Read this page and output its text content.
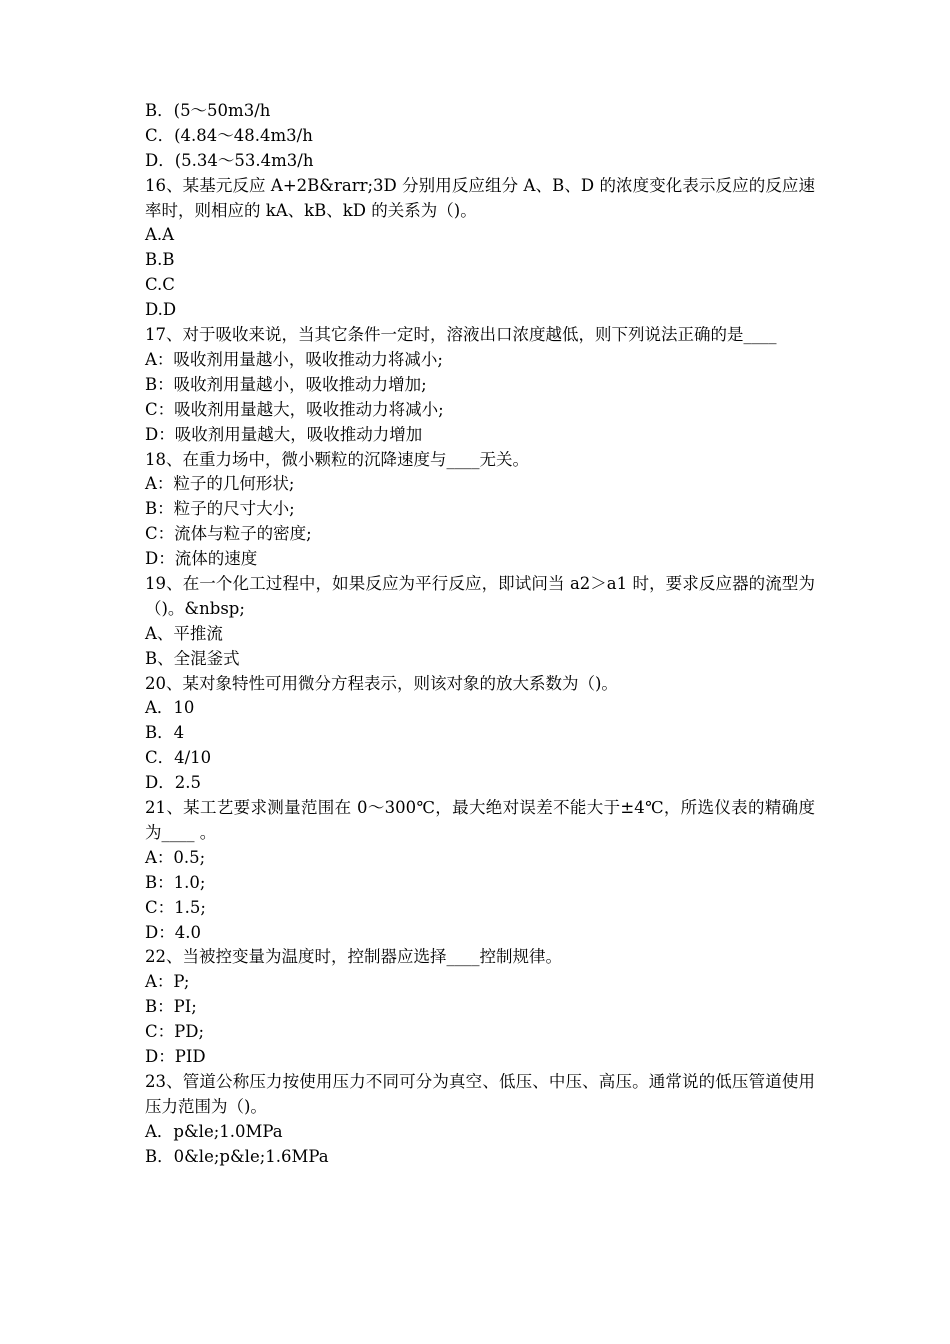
B．(5～50m3/h

C．(4.84～48.4m3/h

D．(5.34～53.4m3/h

16、某基元反应 A+2B&rarr;3D 分别用反应组分 A、B、D 的浓度变化表示反应的反应速率时，则相应的 kA、kB、kD 的关系为（)。

A.A

B.B

C.C

D.D

17、对于吸收来说，当其它条件一定时，溶液出口浓度越低，则下列说法正确的是____

A：吸收剂用量越小，吸收推动力将减小;

B：吸收剂用量越小，吸收推动力增加;

C：吸收剂用量越大，吸收推动力将减小;

D：吸收剂用量越大，吸收推动力增加

18、在重力场中，微小颗粒的沉降速度与____无关。

A：粒子的几何形状;

B：粒子的尺寸大小;

C：流体与粒子的密度;

D：流体的速度

19、在一个化工过程中，如果反应为平行反应，即试问当 a2＞a1 时，要求反应器的流型为（)。&nbsp;

A、平推流

B、全混釜式

20、某对象特性可用微分方程表示，则该对象的放大系数为（)。

A．10

B．4

C．4/10

D．2.5

21、某工艺要求测量范围在 0～300℃，最大绝对误差不能大于±4℃，所选仪表的精确度为____ 。

A：0.5;

B：1.0;

C：1.5;

D：4.0

22、当被控变量为温度时，控制器应选择____控制规律。

A：P;

B：PI;

C：PD;

D：PID

23、管道公称压力按使用压力不同可分为真空、低压、中压、高压。通常说的低压管道使用压力范围为（)。

A．p&le;1.0MPa

B．0&le;p&le;1.6MPa
